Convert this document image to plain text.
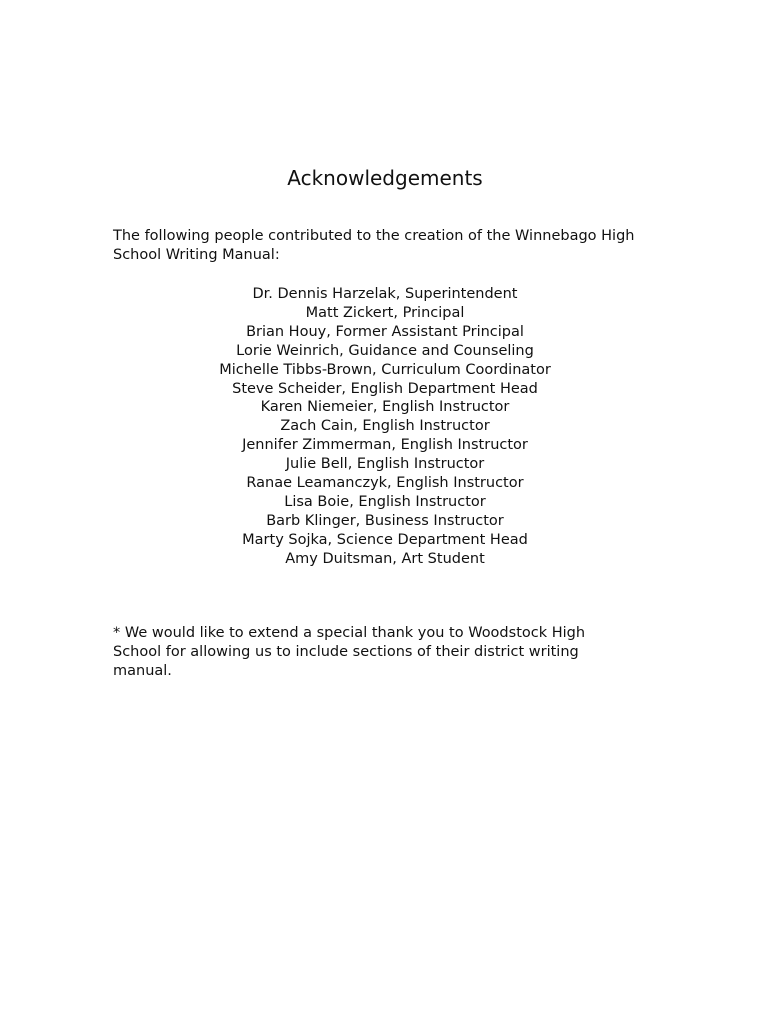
Acknowledgements

The following people contributed to the creation of the Winnebago High School Writing Manual:

Dr. Dennis Harzelak, Superintendent
Matt Zickert, Principal
Brian Houy, Former Assistant Principal
Lorie Weinrich, Guidance and Counseling
Michelle Tibbs-Brown, Curriculum Coordinator
Steve Scheider, English Department Head
Karen Niemeier, English Instructor
Zach Cain, English Instructor
Jennifer Zimmerman, English Instructor
Julie Bell, English Instructor
Ranae Leamanczyk, English Instructor
Lisa Boie, English Instructor
Barb Klinger, Business Instructor
Marty Sojka, Science Department Head
Amy Duitsman, Art Student

* We would like to extend a special thank you to Woodstock High School for allowing us to include sections of their district writing manual.
